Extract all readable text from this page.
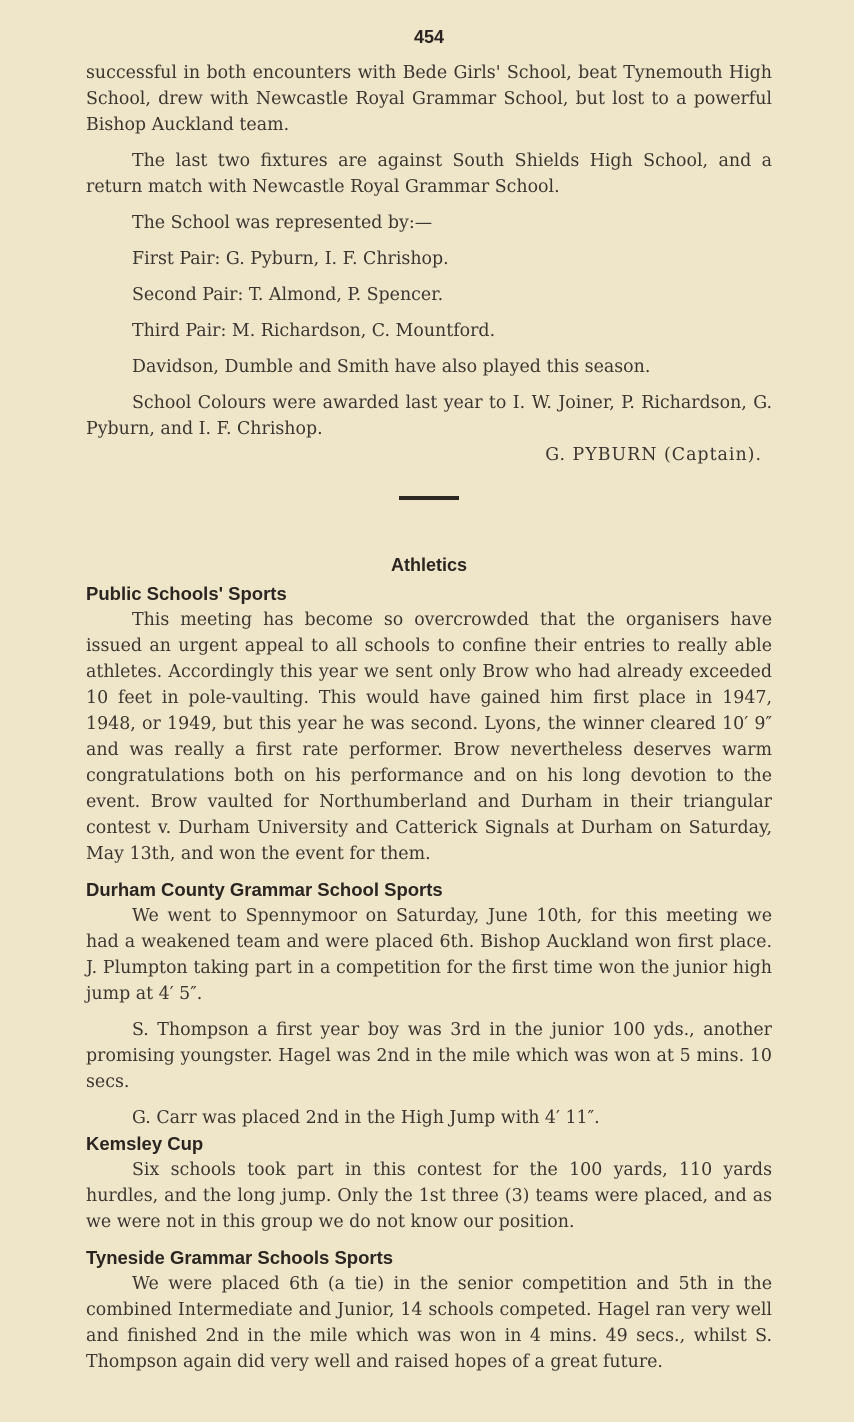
454

successful in both encounters with Bede Girls' School, beat Tynemouth High School, drew with Newcastle Royal Grammar School, but lost to a powerful Bishop Auckland team.

The last two fixtures are against South Shields High School, and a return match with Newcastle Royal Grammar School.

The School was represented by:—

First Pair: G. Pyburn, I. F. Chrishop.

Second Pair: T. Almond, P. Spencer.

Third Pair: M. Richardson, C. Mountford.

Davidson, Dumble and Smith have also played this season.

School Colours were awarded last year to I. W. Joiner, P. Richardson, G. Pyburn, and I. F. Chrishop.

G. PYBURN (Captain).

Athletics
Public Schools' Sports

This meeting has become so overcrowded that the organisers have issued an urgent appeal to all schools to confine their entries to really able athletes. Accordingly this year we sent only Brow who had already exceeded 10 feet in pole-vaulting. This would have gained him first place in 1947, 1948, or 1949, but this year he was second. Lyons, the winner cleared 10′ 9″ and was really a first rate performer. Brow nevertheless deserves warm congratulations both on his performance and on his long devotion to the event. Brow vaulted for Northumberland and Durham in their triangular contest v. Durham University and Catterick Signals at Durham on Saturday, May 13th, and won the event for them.

Durham County Grammar School Sports

We went to Spennymoor on Saturday, June 10th, for this meeting we had a weakened team and were placed 6th. Bishop Auckland won first place. J. Plumpton taking part in a competition for the first time won the junior high jump at 4′ 5″.

S. Thompson a first year boy was 3rd in the junior 100 yds., another promising youngster. Hagel was 2nd in the mile which was won at 5 mins. 10 secs.

G. Carr was placed 2nd in the High Jump with 4′ 11″.

Kemsley Cup

Six schools took part in this contest for the 100 yards, 110 yards hurdles, and the long jump. Only the 1st three (3) teams were placed, and as we were not in this group we do not know our position.

Tyneside Grammar Schools Sports

We were placed 6th (a tie) in the senior competition and 5th in the combined Intermediate and Junior, 14 schools competed. Hagel ran very well and finished 2nd in the mile which was won in 4 mins. 49 secs., whilst S. Thompson again did very well and raised hopes of a great future.
